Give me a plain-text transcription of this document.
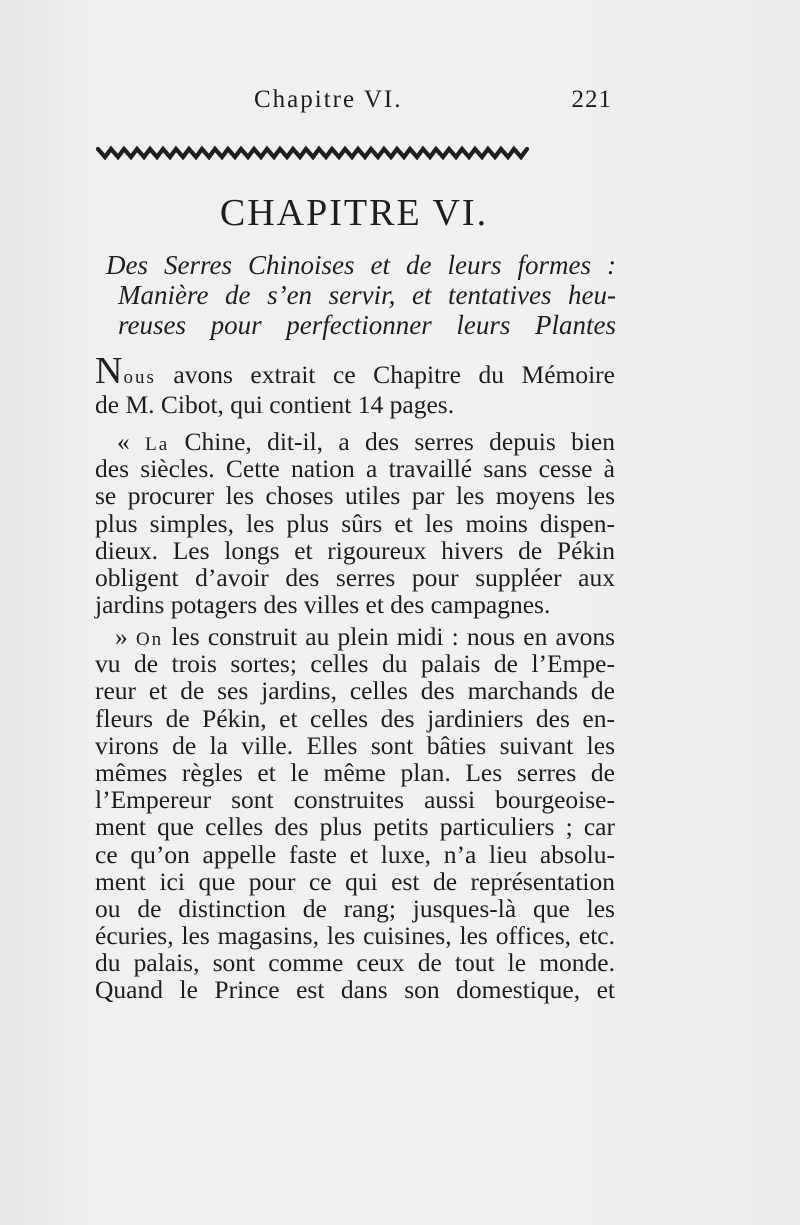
Chapitre VI.	221
CHAPITRE VI.
Des Serres Chinoises et de leurs formes :
Manière de s’en servir, et tentatives heu-
reuses pour perfectionner leurs Plantes
Nous avons extrait ce Chapitre du Mémoire
de M. Cibot, qui contient 14 pages.
« La Chine, dit-il, a des serres depuis bien
des siècles. Cette nation a travaillé sans cesse à
se procurer les choses utiles par les moyens les
plus simples, les plus sûrs et les moins dispen-
dieux. Les longs et rigoureux hivers de Pékin
obligent d’avoir des serres pour suppléer aux
jardins potagers des villes et des campagnes.
» On les construit au plein midi : nous en avons
vu de trois sortes; celles du palais de l’Empe-
reur et de ses jardins, celles des marchands de
fleurs de Pékin, et celles des jardiniers des en-
virons de la ville. Elles sont bâties suivant les
mêmes règles et le même plan. Les serres de
l’Empereur sont construites aussi bourgeoise-
ment que celles des plus petits particuliers ; car
ce qu’on appelle faste et luxe, n’a lieu absolu-
ment ici que pour ce qui est de représentation
ou de distinction de rang; jusques-là que les
écuries, les magasins, les cuisines, les offices, etc.
du palais, sont comme ceux de tout le monde.
Quand le Prince est dans son domestique, et
